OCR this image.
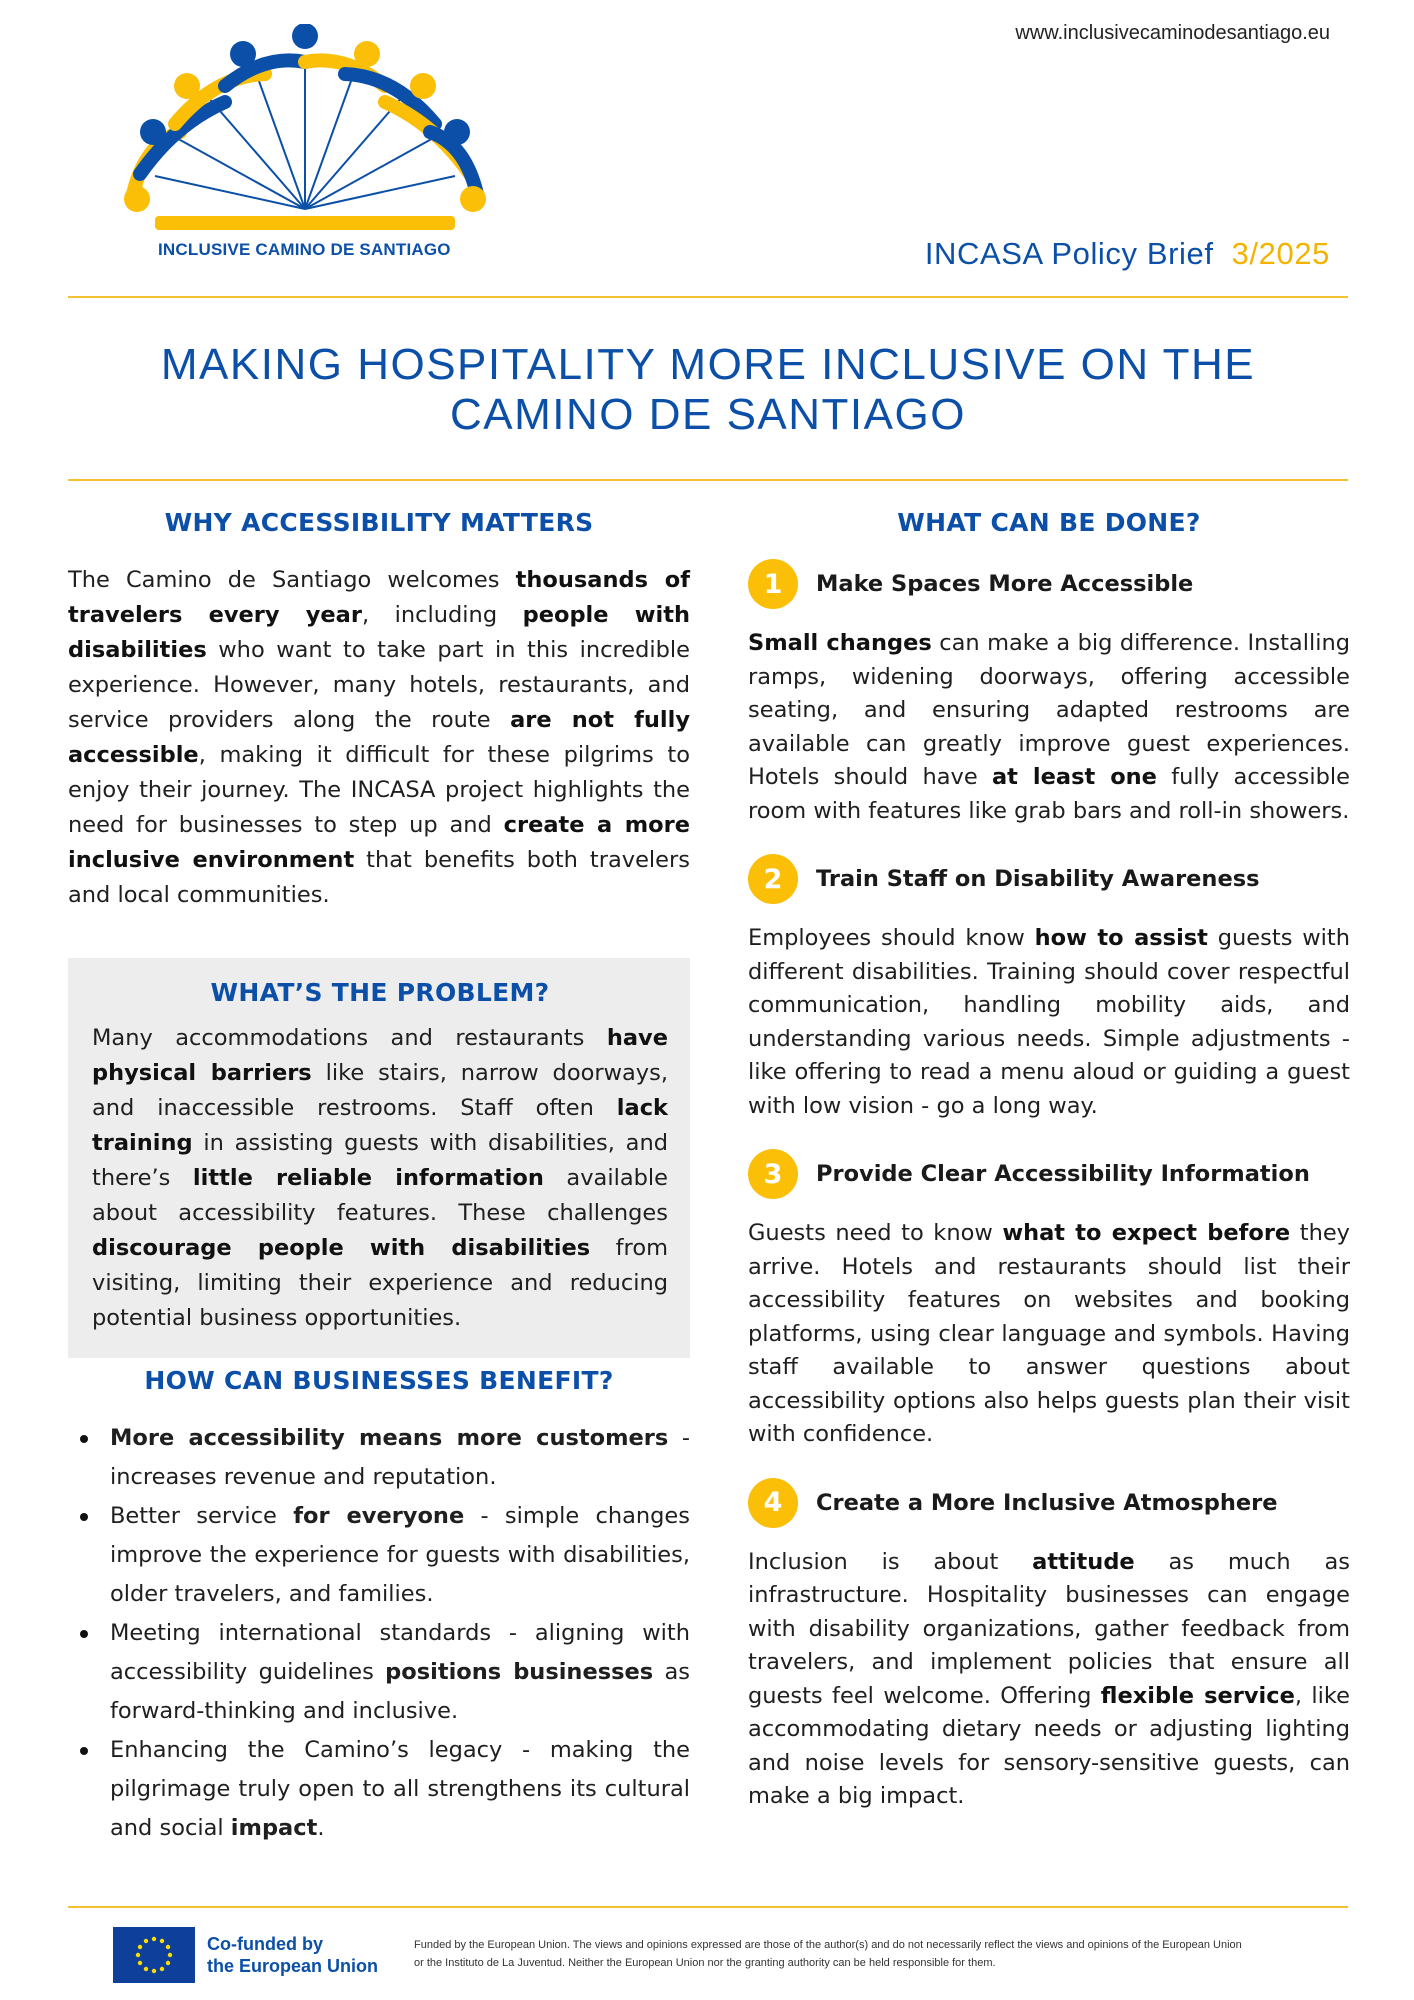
www.inclusivecaminodesantiago.eu
INCLUSIVE CAMINO DE SANTIAGO	INCASA Policy Brief 3/2025
MAKING HOSPITALITY MORE INCLUSIVE ON THE
CAMINO DE SANTIAGO
WHY ACCESSIBILITY MATTERS

The Camino de Santiago welcomes thousands of travelers every year, including people with disabilities who want to take part in this incredible experience. However, many hotels, restaurants, and service providers along the route are not fully accessible, making it difficult for these pilgrims to enjoy their journey. The INCASA project highlights the need for businesses to step up and create a more inclusive environment that benefits both travelers and local communities.

WHAT’S THE PROBLEM?

Many accommodations and restaurants have physical barriers like stairs, narrow doorways, and inaccessible restrooms. Staff often lack training in assisting guests with disabilities, and there’s little reliable information available about accessibility features. These challenges discourage people with disabilities from visiting, limiting their experience and reducing potential business opportunities.

HOW CAN BUSINESSES BENEFIT?
More accessibility means more customers - increases revenue and reputation.
Better service for everyone - simple changes improve the experience for guests with disabilities, older travelers, and families.
Meeting international standards - aligning with accessibility guidelines positions businesses as forward-thinking and inclusive.
Enhancing the Camino’s legacy - making the pilgrimage truly open to all strengthens its cultural and social impact.
WHAT CAN BE DONE?
1	Make Spaces More Accessible

Small changes can make a big difference. Installing ramps, widening doorways, offering accessible seating, and ensuring adapted restrooms are available can greatly improve guest experiences. Hotels should have at least one fully accessible room with features like grab bars and roll-in showers.

2	Train Staff on Disability Awareness

Employees should know how to assist guests with different disabilities. Training should cover respectful communication, handling mobility aids, and understanding various needs. Simple adjustments - like offering to read a menu aloud or guiding a guest with low vision - go a long way.

3	Provide Clear Accessibility Information

Guests need to know what to expect before they arrive. Hotels and restaurants should list their accessibility features on websites and booking platforms, using clear language and symbols. Having staff available to answer questions about accessibility options also helps guests plan their visit with confidence.

4	Create a More Inclusive Atmosphere

Inclusion is about attitude as much as infrastructure. Hospitality businesses can engage with disability organizations, gather feedback from travelers, and implement policies that ensure all guests feel welcome. Offering flexible service, like accommodating dietary needs or adjusting lighting and noise levels for sensory-sensitive guests, can make a big impact.

Co-funded by
the European Union
Funded by the European Union. The views and opinions expressed are those of the author(s) and do not necessarily reflect the views and opinions of the European Union
or the Instituto de La Juventud. Neither the European Union nor the granting authority can be held responsible for them.
